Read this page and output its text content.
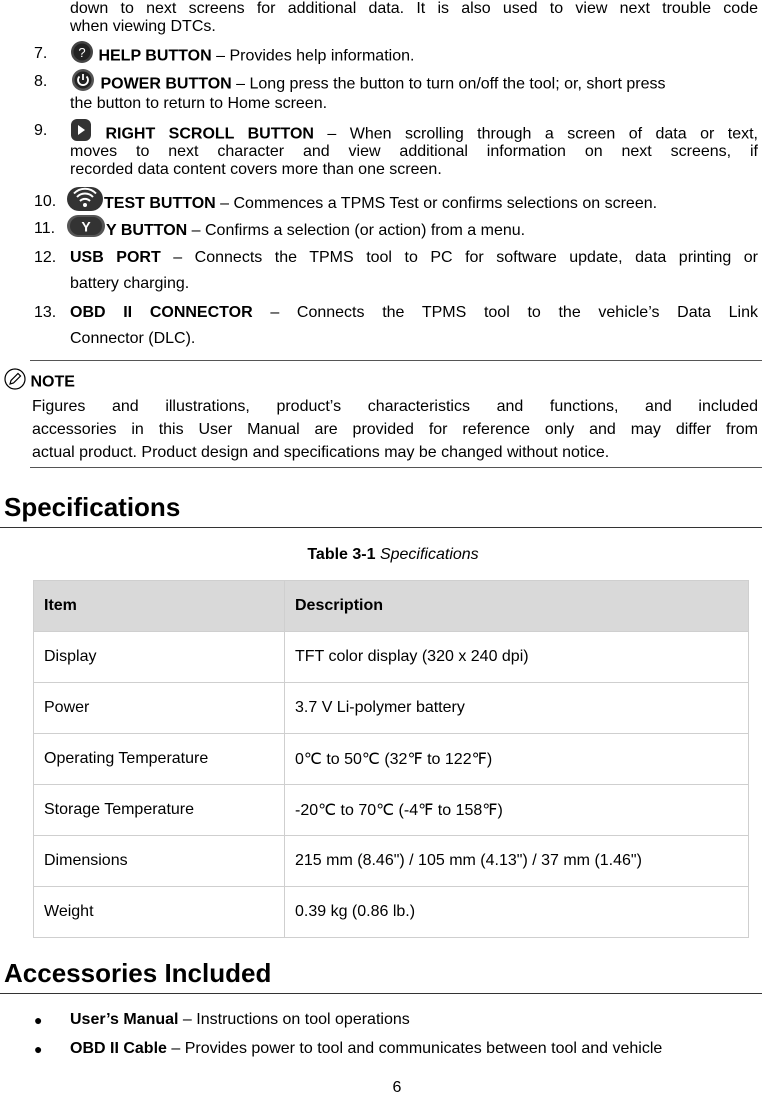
down to next screens for additional data. It is also used to view next trouble code
when viewing DTCs.
7. ? HELP BUTTON – Provides help information.
8.	POWER BUTTON – Long press the button to turn on/off the tool; or, short press
the button to return to Home screen.
9.	RIGHT SCROLL BUTTON – When scrolling through a screen of data or text,
moves to next character and view additional information on next screens, if
recorded data content covers more than one screen.
10.	TEST BUTTON – Commences a TPMS Test or confirms selections on screen.
11. Y Y BUTTON – Confirms a selection (or action) from a menu.
12. USB PORT – Connects the TPMS tool to PC for software update, data printing or
battery charging.
13. OBD II CONNECTOR – Connects the TPMS tool to the vehicle’s Data Link
Connector (DLC).
NOTE
Figures and illustrations, product’s characteristics and functions, and included
accessories in this User Manual are provided for reference only and may differ from
actual product. Product design and specifications may be changed without notice.
Specifications
Table 3-1 Specifications
Item	Description
Display	TFT color display (320 x 240 dpi)
Power	3.7 V Li-polymer battery
Operating Temperature	0℃ to 50℃ (32℉ to 122℉)
Storage Temperature	-20℃ to 70℃ (-4℉ to 158℉)
Dimensions	215 mm (8.46") / 105 mm (4.13") / 37 mm (1.46")
Weight	0.39 kg (0.86 lb.)
Accessories Included
● User’s Manual – Instructions on tool operations
● OBD II Cable – Provides power to tool and communicates between tool and vehicle
6
